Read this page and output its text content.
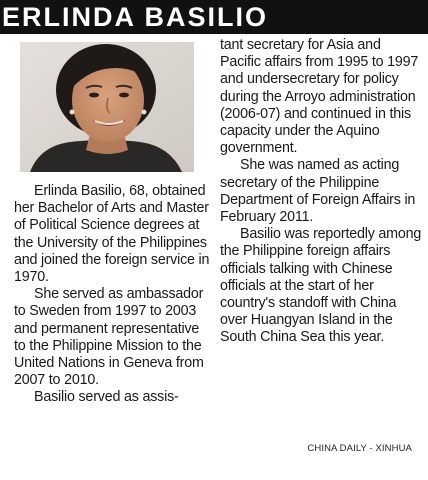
ERLINDA BASILIO

Erlinda Basilio, 68, obtained her Bachelor of Arts and Master of Political Science degrees at the University of the Philippines and joined the foreign service in 1970.

She served as ambassador to Sweden from 1997 to 2003 and permanent representative to the Philippine Mission to the United Nations in Geneva from 2007 to 2010.

Basilio served as assis-

tant secretary for Asia and Pacific affairs from 1995 to 1997 and undersecretary for policy during the Arroyo administration (2006-07) and continued in this capacity under the Aquino government.

She was named as acting secretary of the Philippine Department of Foreign Affairs in February 2011.

Basilio was reportedly among the Philippine foreign affairs officials talking with Chinese officials at the start of her country's standoff with China over Huangyan Island in the South China Sea this year.

CHINA DAILY - XINHUA
